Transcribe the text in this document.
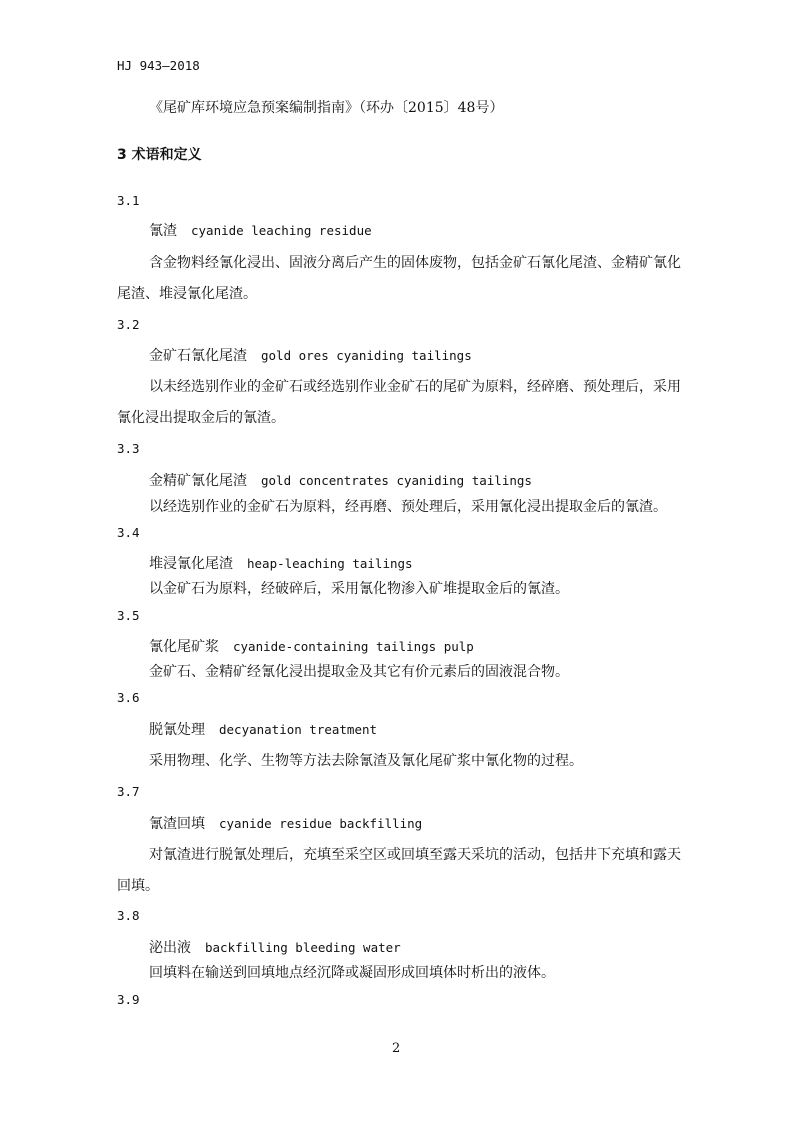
HJ 943—2018
《尾矿库环境应急预案编制指南》（环办〔2015〕48号）
3 术语和定义
3.1
氰渣 cyanide leaching residue
含金物料经氰化浸出、固液分离后产生的固体废物，包括金矿石氰化尾渣、金精矿氰化
尾渣、堆浸氰化尾渣。
3.2
金矿石氰化尾渣 gold ores cyaniding tailings
以未经选别作业的金矿石或经选别作业金矿石的尾矿为原料，经碎磨、预处理后，采用
氰化浸出提取金后的氰渣。
3.3
金精矿氰化尾渣 gold concentrates cyaniding tailings
以经选别作业的金矿石为原料，经再磨、预处理后，采用氰化浸出提取金后的氰渣。
3.4
堆浸氰化尾渣 heap-leaching tailings
以金矿石为原料，经破碎后，采用氰化物渗入矿堆提取金后的氰渣。
3.5
氰化尾矿浆 cyanide-containing tailings pulp
金矿石、金精矿经氰化浸出提取金及其它有价元素后的固液混合物。
3.6
脱氰处理 decyanation treatment
采用物理、化学、生物等方法去除氰渣及氰化尾矿浆中氰化物的过程。
3.7
氰渣回填 cyanide residue backfilling
对氰渣进行脱氰处理后，充填至采空区或回填至露天采坑的活动，包括井下充填和露天
回填。
3.8
泌出液 backfilling bleeding water
回填料在输送到回填地点经沉降或凝固形成回填体时析出的液体。
3.9
2
